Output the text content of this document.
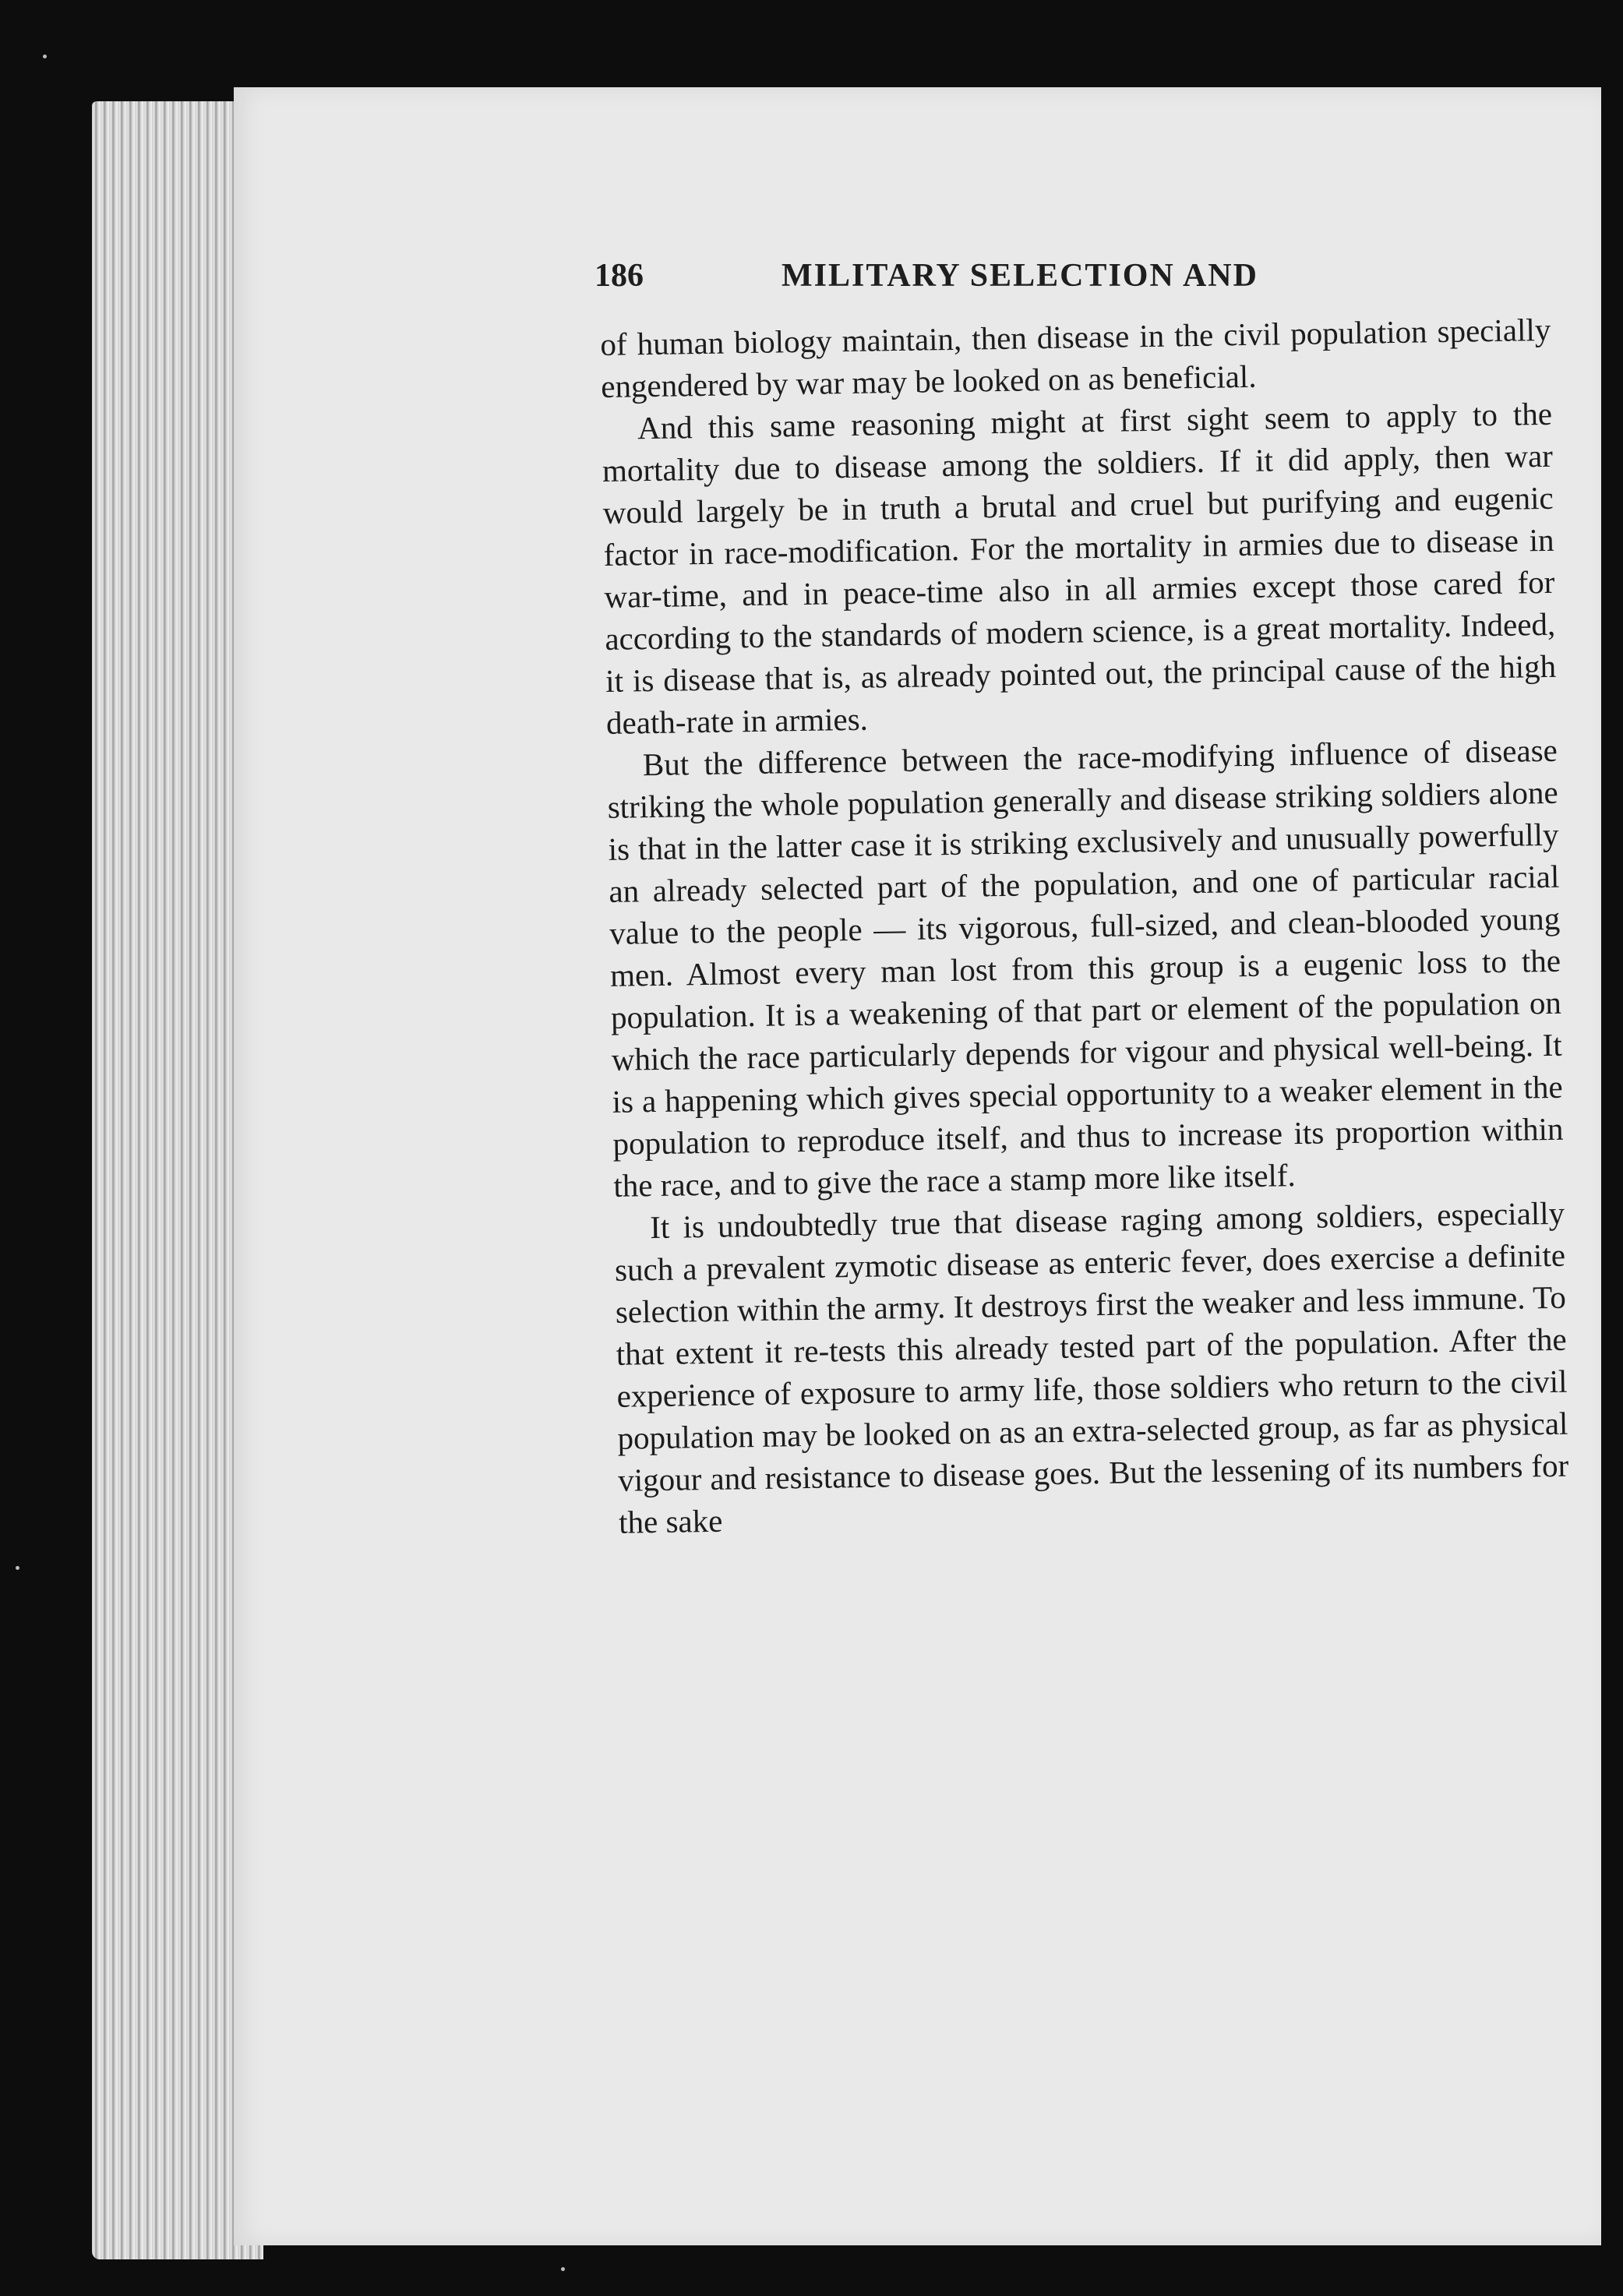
186	MILITARY SELECTION AND

of human biology maintain, then disease in the civil population specially engendered by war may be looked on as beneficial.

And this same reasoning might at first sight seem to apply to the mortality due to disease among the soldiers. If it did apply, then war would largely be in truth a brutal and cruel but purifying and eugenic factor in race-modification. For the mortality in armies due to disease in war-time, and in peace-time also in all armies except those cared for according to the standards of modern science, is a great mortality. Indeed, it is disease that is, as already pointed out, the principal cause of the high death-rate in armies.

But the difference between the race-modifying influence of disease striking the whole population generally and disease striking soldiers alone is that in the latter case it is striking exclusively and unusually powerfully an already selected part of the population, and one of particular racial value to the people — its vigorous, full-sized, and clean-blooded young men. Almost every man lost from this group is a eugenic loss to the population. It is a weakening of that part or element of the population on which the race particularly depends for vigour and physical well-being. It is a happening which gives special opportunity to a weaker element in the population to reproduce itself, and thus to increase its proportion within the race, and to give the race a stamp more like itself.

It is undoubtedly true that disease raging among soldiers, especially such a prevalent zymotic disease as enteric fever, does exercise a definite selection within the army. It destroys first the weaker and less immune. To that extent it re-tests this already tested part of the population. After the experience of exposure to army life, those soldiers who return to the civil population may be looked on as an extra-selected group, as far as physical vigour and resistance to disease goes. But the lessening of its numbers for the sake
